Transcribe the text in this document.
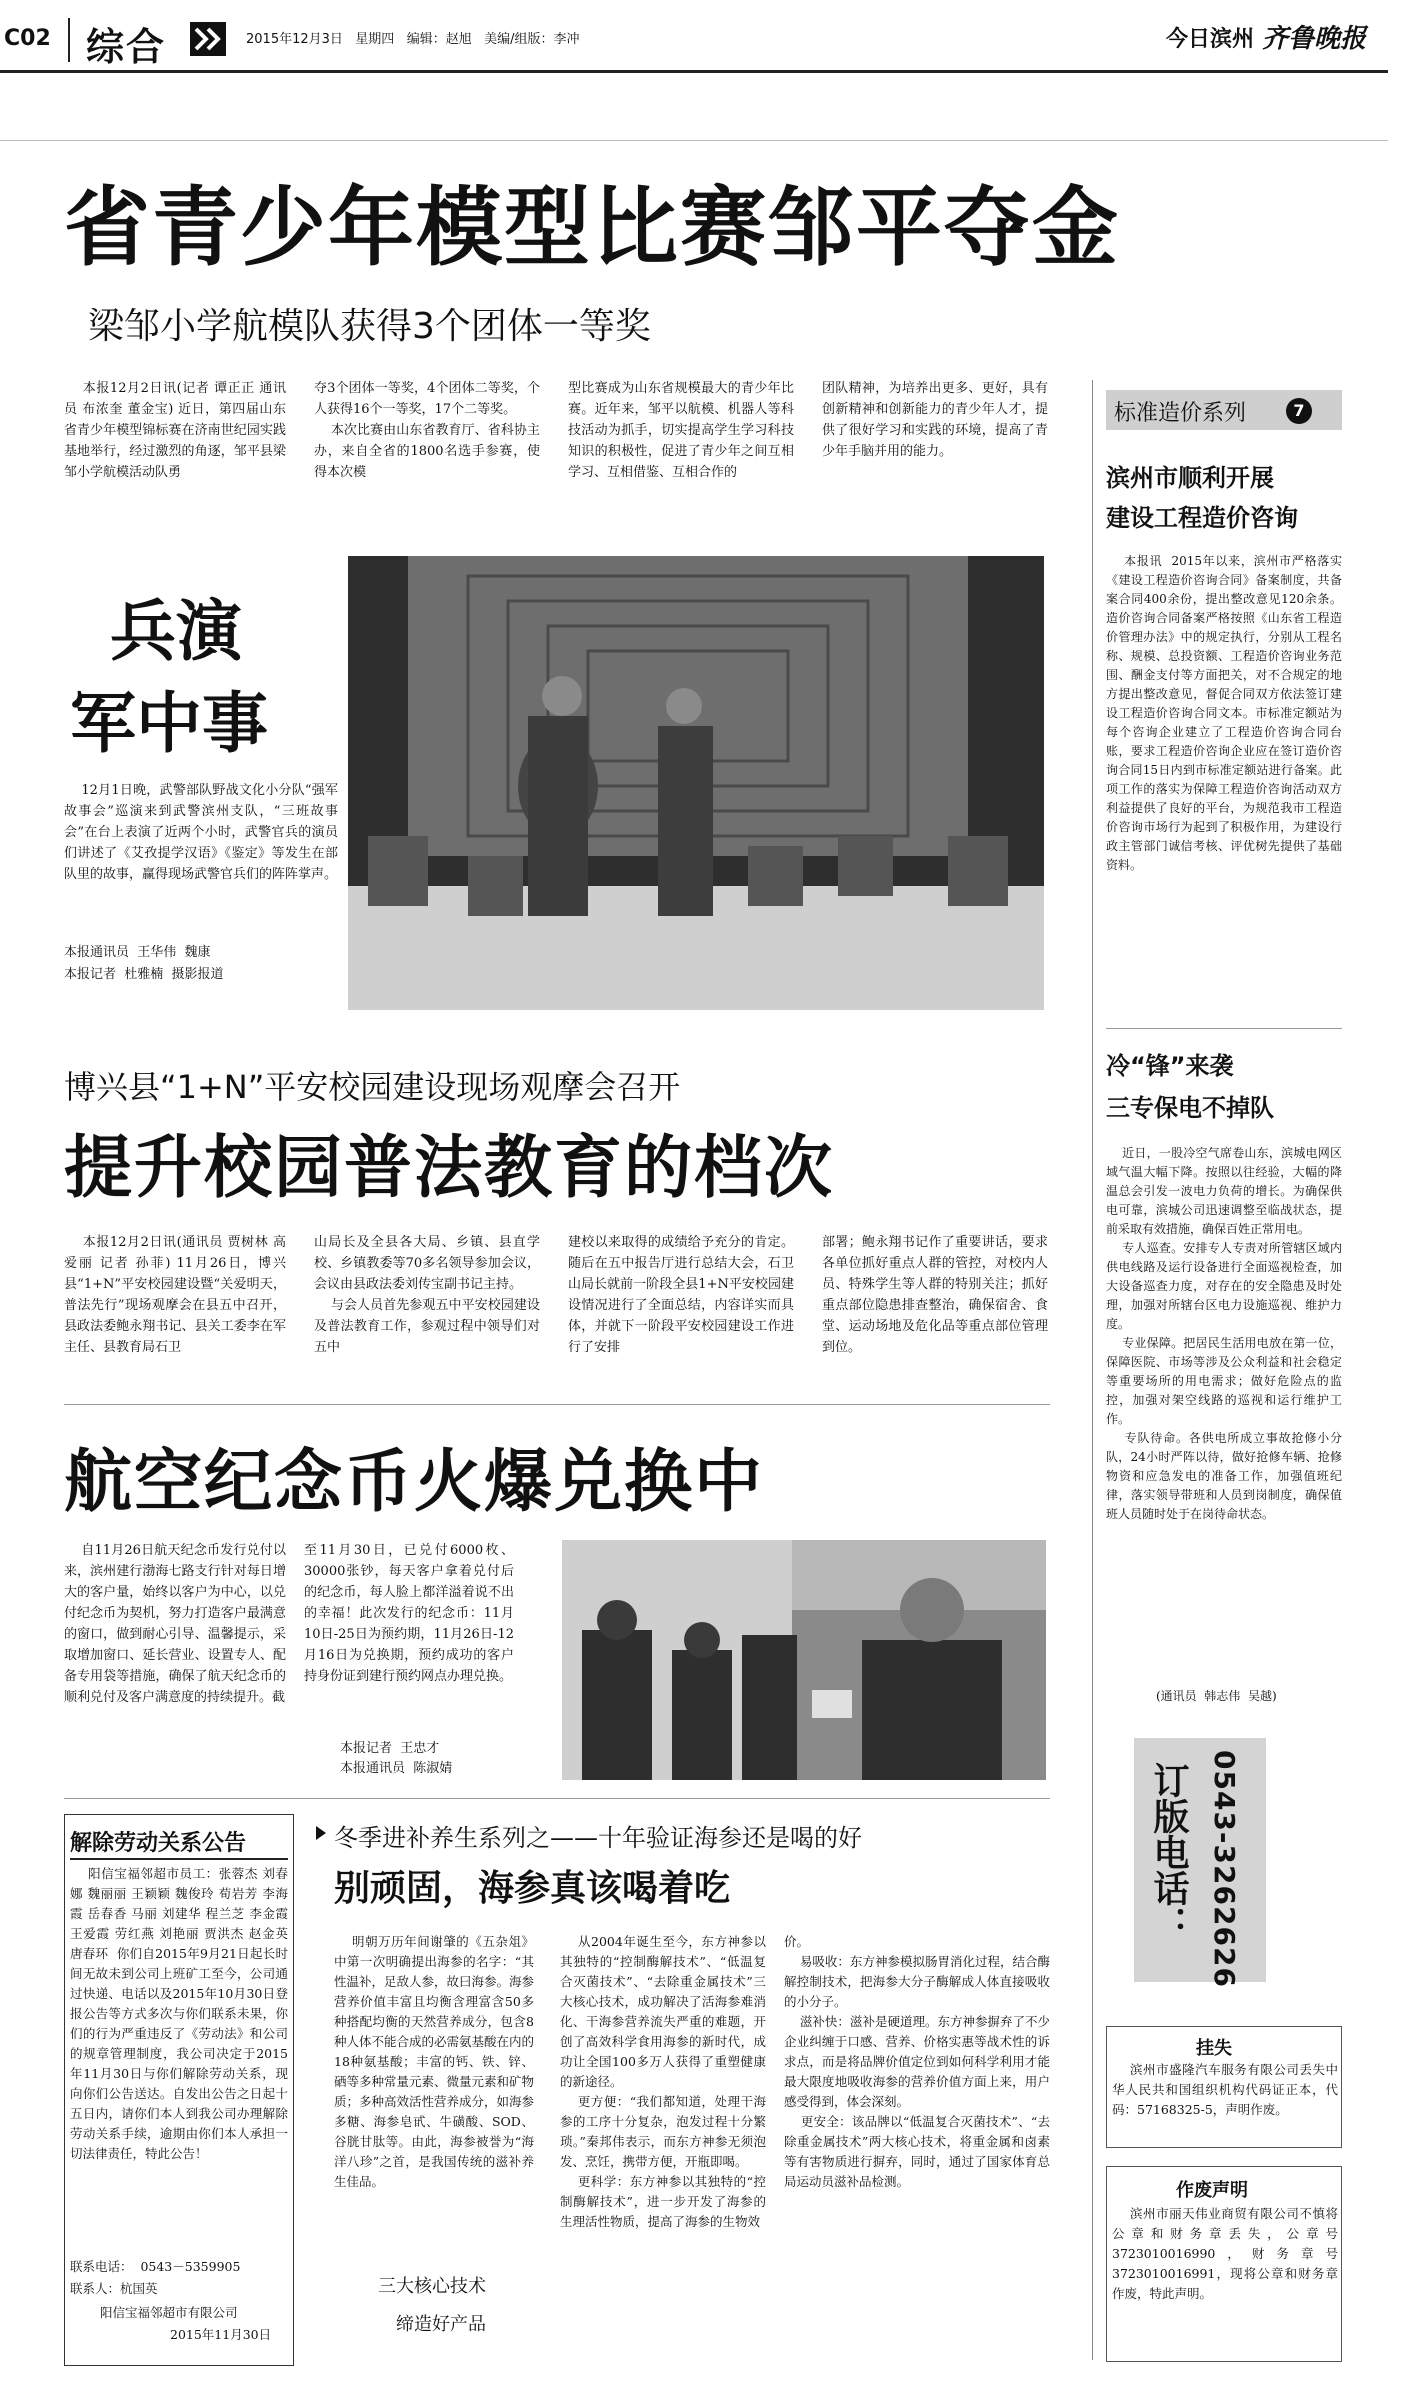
C02 综合	2015年12月3日   星期四   编辑：赵旭   美编/组版：李冲	今日滨州 齐鲁晚报
省青少年模型比赛邹平夺金
梁邹小学航模队获得3个团体一等奖
本报12月2日讯(记者 谭正正 通讯员 布浓奎 董金宝) 近日，第四届山东省青少年模型锦标赛在济南世纪园实践基地举行，经过激烈的角逐，邹平县梁邹小学航模活动队勇
夺3个团体一等奖，4个团体二等奖，个人获得16个一等奖，17个二等奖。
本次比赛由山东省教育厅、省科协主办，来自全省的1800名选手参赛，使得本次模
型比赛成为山东省规模最大的青少年比赛。近年来，邹平以航模、机器人等科技活动为抓手，切实提高学生学习科技知识的积极性，促进了青少年之间互相学习、互相借鉴、互相合作的
团队精神，为培养出更多、更好，具有创新精神和创新能力的青少年人才，提供了很好学习和实践的环境，提高了青少年手脑并用的能力。
兵演
军中事
12月1日晚，武警部队野战文化小分队“强军故事会”巡演来到武警滨州支队，“三班故事会”在台上表演了近两个小时，武警官兵的演员们讲述了《艾孜提学汉语》《鉴定》等发生在部队里的故事，赢得现场武警官兵们的阵阵掌声。
本报通讯员  王华伟  魏康
本报记者  杜雅楠  摄影报道
博兴县“1+N”平安校园建设现场观摩会召开
提升校园普法教育的档次
本报12月2日讯(通讯员 贾树林 高爱丽 记者 孙菲) 11月26日，博兴县“1+N”平安校园建设暨“关爱明天，普法先行”现场观摩会在县五中召开，县政法委鲍永翔书记、县关工委李在军主任、县教育局石卫
山局长及全县各大局、乡镇、县直学校、乡镇教委等70多名领导参加会议，会议由县政法委刘传宝副书记主持。
与会人员首先参观五中平安校园建设及普法教育工作，参观过程中领导们对五中
建校以来取得的成绩给予充分的肯定。随后在五中报告厅进行总结大会，石卫山局长就前一阶段全县1+N平安校园建设情况进行了全面总结，内容详实而具体，并就下一阶段平安校园建设工作进行了安排
部署；鲍永翔书记作了重要讲话，要求各单位抓好重点人群的管控，对校内人员、特殊学生等人群的特别关注；抓好重点部位隐患排查整治，确保宿舍、食堂、运动场地及危化品等重点部位管理到位。
航空纪念币火爆兑换中
自11月26日航天纪念币发行兑付以来，滨州建行渤海七路支行针对每日增大的客户量，始终以客户为中心，以兑付纪念币为契机，努力打造客户最满意的窗口，做到耐心引导、温馨提示，采取增加窗口、延长营业、设置专人、配备专用袋等措施，确保了航天纪念币的顺利兑付及客户满意度的持续提升。截
至11月30日，已兑付6000枚、30000张钞，每天客户拿着兑付后的纪念币，每人脸上都洋溢着说不出的幸福！此次发行的纪念币：11月10日-25日为预约期，11月26日-12月16日为兑换期，预约成功的客户持身份证到建行预约网点办理兑换。
本报记者  王忠才
本报通讯员  陈淑婧
解除劳动关系公告
阳信宝福邻超市员工：张蓉杰 刘春娜 魏丽丽 王颖颖 魏俊玲 荀岩芳 李海霞 岳春香 马丽 刘建华 程兰芝 李金霞 王爱霞 劳红燕 刘艳丽 贾洪杰 赵金英 唐春环  你们自2015年9月21日起长时间无故未到公司上班矿工至今，公司通过快递、电话以及2015年10月30日登报公告等方式多次与你们联系未果，你们的行为严重违反了《劳动法》和公司的规章管理制度，我公司决定于2015年11月30日与你们解除劳动关系，现向你们公告送达。自发出公告之日起十五日内，请你们本人到我公司办理解除劳动关系手续，逾期由你们本人承担一切法律责任，特此公告！
联系电话：  0543－5359905
联系人：杭国英
阳信宝福邻超市有限公司
2015年11月30日
冬季进补养生系列之——十年验证海参还是喝的好
别顽固，海参真该喝着吃
明朝万历年间谢肇的《五杂俎》中第一次明确提出海参的名字：“其性温补，足敌人参，故曰海参。海参营养价值丰富且均衡含理富含50多种搭配均衡的天然营养成分，包含8种人体不能合成的必需氨基酸在内的18种氨基酸；丰富的钙、铁、锌、硒等多种常量元素、微量元素和矿物质；多种高效活性营养成分，如海参多糖、海参皂甙、牛磺酸、SOD、谷胱甘肽等。由此，海参被誉为“海洋八珍”之首，是我国传统的滋补养生佳品。
三大核心技术
缔造好产品
从2004年诞生至今，东方神参以其独特的“控制酶解技术”、“低温复合灭菌技术”、“去除重金属技术”三大核心技术，成功解决了活海参难消化、干海参营养流失严重的难题，开创了高效科学食用海参的新时代，成功让全国100多万人获得了重塑健康的新途径。
更方便：“我们都知道，处理干海参的工序十分复杂，泡发过程十分繁琐。”秦邦伟表示，而东方神参无须泡发、烹饪，携带方便，开瓶即喝。
更科学：东方神参以其独特的“控制酶解技术”，进一步开发了海参的生理活性物质，提高了海参的生物效
价。
易吸收：东方神参模拟肠胃消化过程，结合酶解控制技术，把海参大分子酶解成人体直接吸收的小分子。
滋补快：滋补是硬道理。东方神参摒弃了不少企业纠缠于口感、营养、价格实惠等战术性的诉求点，而是将品牌价值定位到如何科学利用才能最大限度地吸收海参的营养价值方面上来，用户感受得到，体会深刻。
更安全：该品牌以“低温复合灭菌技术”、“去除重金属技术”两大核心技术，将重金属和卤素等有害物质进行摒弃，同时，通过了国家体育总局运动员滋补品检测。
标准造价系列	7
滨州市顺利开展
建设工程造价咨询
本报讯  2015年以来，滨州市严格落实《建设工程造价咨询合同》备案制度，共备案合同400余份，提出整改意见120余条。造价咨询合同备案严格按照《山东省工程造价管理办法》中的规定执行，分别从工程名称、规模、总投资额、工程造价咨询业务范围、酬金支付等方面把关，对不合规定的地方提出整改意见，督促合同双方依法签订建设工程造价咨询合同文本。市标准定额站为每个咨询企业建立了工程造价咨询合同台账，要求工程造价咨询企业应在签订造价咨询合同15日内到市标准定额站进行备案。此项工作的落实为保障工程造价咨询活动双方利益提供了良好的平台，为规范我市工程造价咨询市场行为起到了积极作用，为建设行政主管部门诚信考核、评优树先提供了基础资料。
冷“锋”来袭
三专保电不掉队
近日，一股冷空气席卷山东，滨城电网区域气温大幅下降。按照以往经验，大幅的降温总会引发一波电力负荷的增长。为确保供电可靠，滨城公司迅速调整至临战状态，提前采取有效措施，确保百姓正常用电。
专人巡查。安排专人专责对所管辖区域内供电线路及运行设备进行全面巡视检查，加大设备巡查力度，对存在的安全隐患及时处理，加强对所辖台区电力设施巡视、维护力度。
专业保障。把居民生活用电放在第一位，保障医院、市场等涉及公众利益和社会稳定等重要场所的用电需求；做好危险点的监控，加强对架空线路的巡视和运行维护工作。
专队待命。各供电所成立事故抢修小分队，24小时严阵以待，做好抢修车辆、抢修物资和应急发电的准备工作，加强值班纪律，落实领导带班和人员到岗制度，确保值班人员随时处于在岗待命状态。
(通讯员  韩志伟  吴越)
订版电话： 0543-3262626
挂失
滨州市盛隆汽车服务有限公司丢失中华人民共和国组织机构代码证正本，代码：57168325-5，声明作废。
作废声明
滨州市丽天伟业商贸有限公司不慎将公章和财务章丢失，公章号3723010016990，财务章号3723010016991，现将公章和财务章作废，特此声明。
